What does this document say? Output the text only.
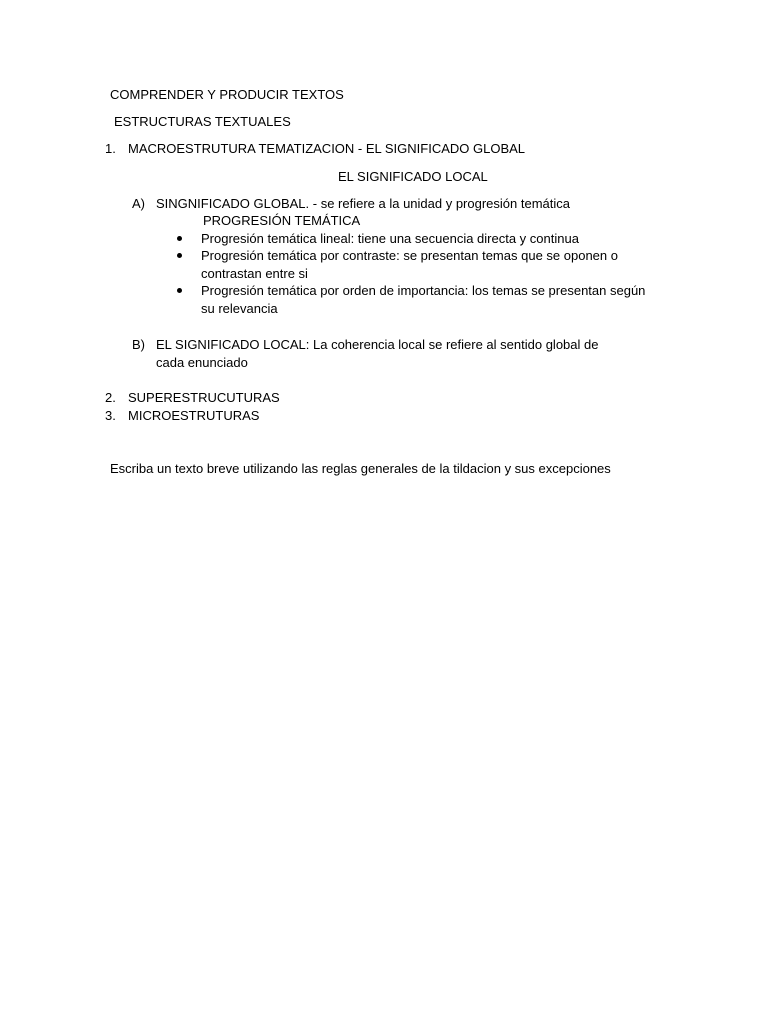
COMPRENDER Y PRODUCIR TEXTOS
ESTRUCTURAS TEXTUALES
1. MACROESTRUTURA TEMATIZACION - EL SIGNIFICADO GLOBAL
EL SIGNIFICADO LOCAL
A) SINGNIFICADO GLOBAL. - se refiere a la unidad y progresión temática
PROGRESIÓN TEMÁTICA
Progresión temática lineal: tiene una secuencia directa y continua
Progresión temática por contraste: se presentan temas que se oponen o contrastan entre si
Progresión temática por orden de importancia: los temas se presentan según su relevancia
B) EL SIGNIFICADO LOCAL: La coherencia local se refiere al sentido global de cada enunciado
2. SUPERESTRUCUTURAS
3. MICROESTRUTURAS
Escriba un texto breve utilizando las reglas generales de la tildacion y sus excepciones
